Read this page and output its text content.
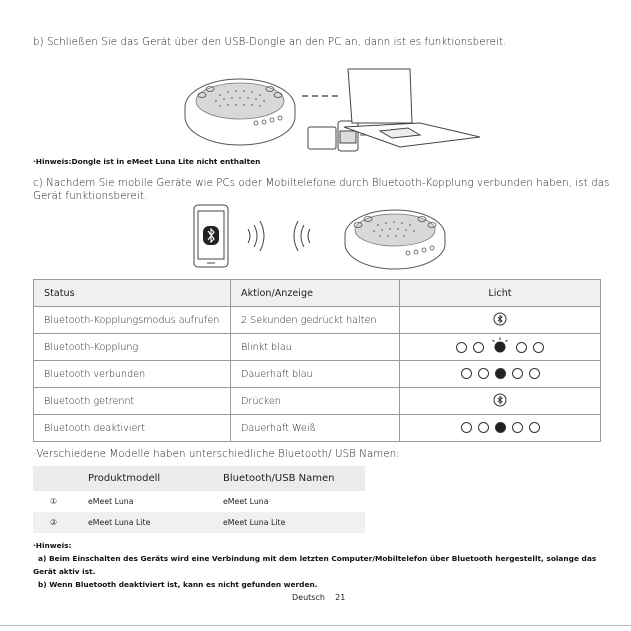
b) Schließen Sie das Gerät über den USB-Dongle an den PC an, dann ist es funktionsbereit.
·Hinweis:Dongle ist in eMeet Luna Lite nicht enthalten
c) Nachdem Sie mobile Geräte wie PCs oder Mobiltelefone durch Bluetooth-Kopplung verbunden haben, ist das
Gerät funktionsbereit.
Status	Aktion/Anzeige	Licht
Bluetooth-Kopplungsmodus aufrufen	2 Sekunden gedrückt halten	
Bluetooth-Kopplung	Blinkt blau	

Bluetooth verbunden	Dauerhaft blau	

Bluetooth getrennt	Drücken	
Bluetooth deaktiviert	Dauerhaft Weiß	
·Verschiedene Modelle haben unterschiedliche Bluetooth/ USB Namen:
	Produktmodell	Bluetooth/USB Namen
①	eMeet Luna	eMeet Luna
②	eMeet Luna Lite	eMeet Luna Lite
·Hinweis:
a) Beim Einschalten des Geräts wird eine Verbindung mit dem letzten Computer/Mobiltelefon über Bluetooth hergestellt, solange das
Gerät aktiv ist.
b) Wenn Bluetooth deaktiviert ist, kann es nicht gefunden werden.
Deutsch    21
